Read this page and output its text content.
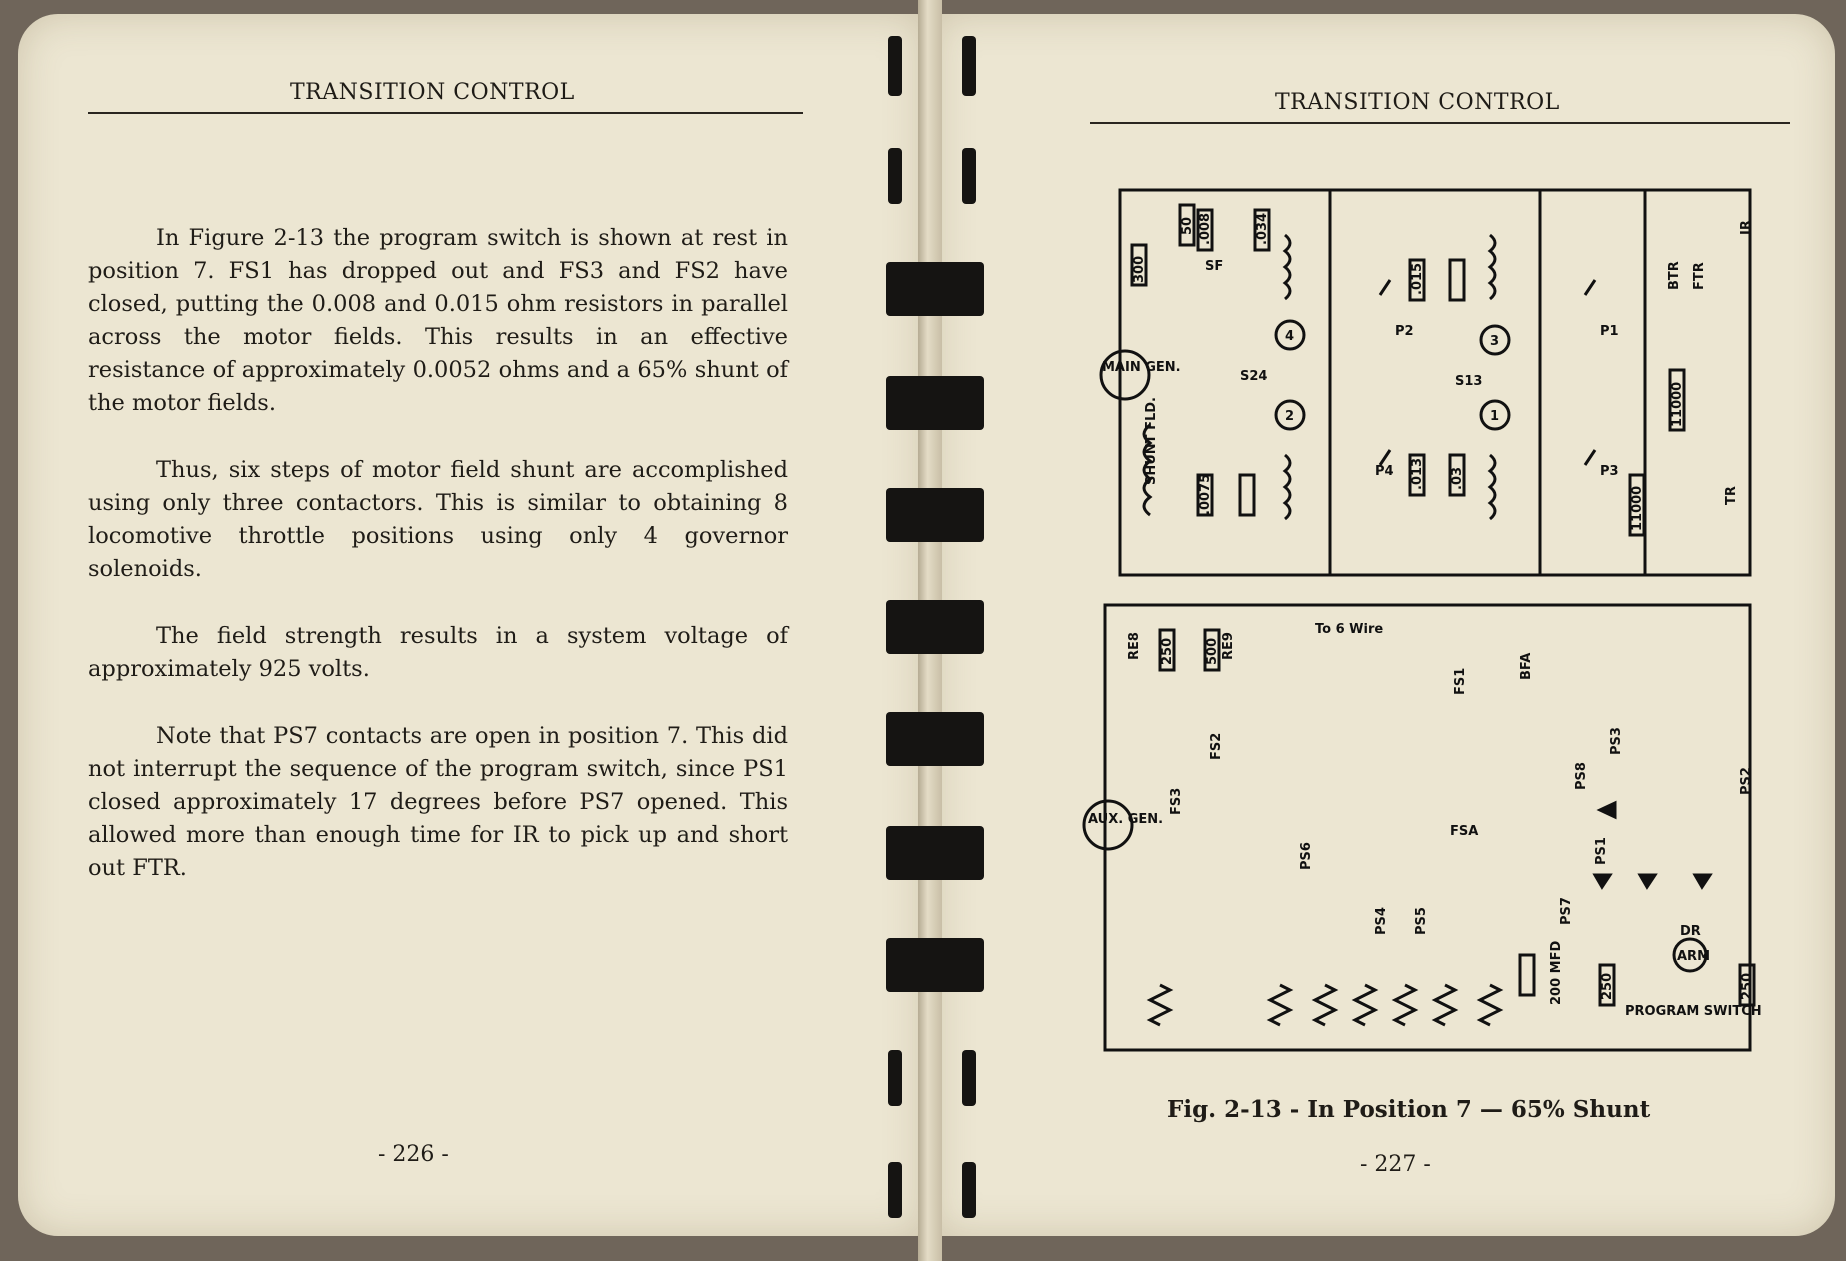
TRANSITION CONTROL

In Figure 2-13 the program switch is shown at rest in position 7. FS1 has dropped out and FS3 and FS2 have closed, putting the 0.008 and 0.015 ohm resistors in parallel across the motor fields. This results in an effective resistance of approximately 0.0052 ohms and a 65% shunt of the motor fields.

Thus, six steps of motor field shunt are accomplished using only three contactors. This is similar to obtaining 8 locomotive throttle positions using only 4 governor solenoids.

The field strength results in a system voltage of approximately 925 volts.

Note that PS7 contacts are open in position 7. This did not interrupt the sequence of the program switch, since PS1 closed approximately 17 degrees before PS7 opened. This allowed more than enough time for IR to pick up and short out FTR.

- 226 -
TRANSITION CONTROL
Fig. 2-13 - In Position 7 — 65% Shunt
- 227 -
MAIN GEN.
AUX. GEN.
SHUNT FLD.
To 6 Wire
PROGRAM SWITCH
DR
ARM
200 MFD
300
50
250 500
11000
11000
250	250
SF
S24	S13
P1
P2
P3
P4
4
2
3
1
BTR FTR
IR
TR
RE8	RE9
FSA
BFA
PS1
PS2
PS3
PS4 PS5
PS6
PS7
PS8
FS1
FS2
FS3
.008
.015
.034
.0075	.013 .03
